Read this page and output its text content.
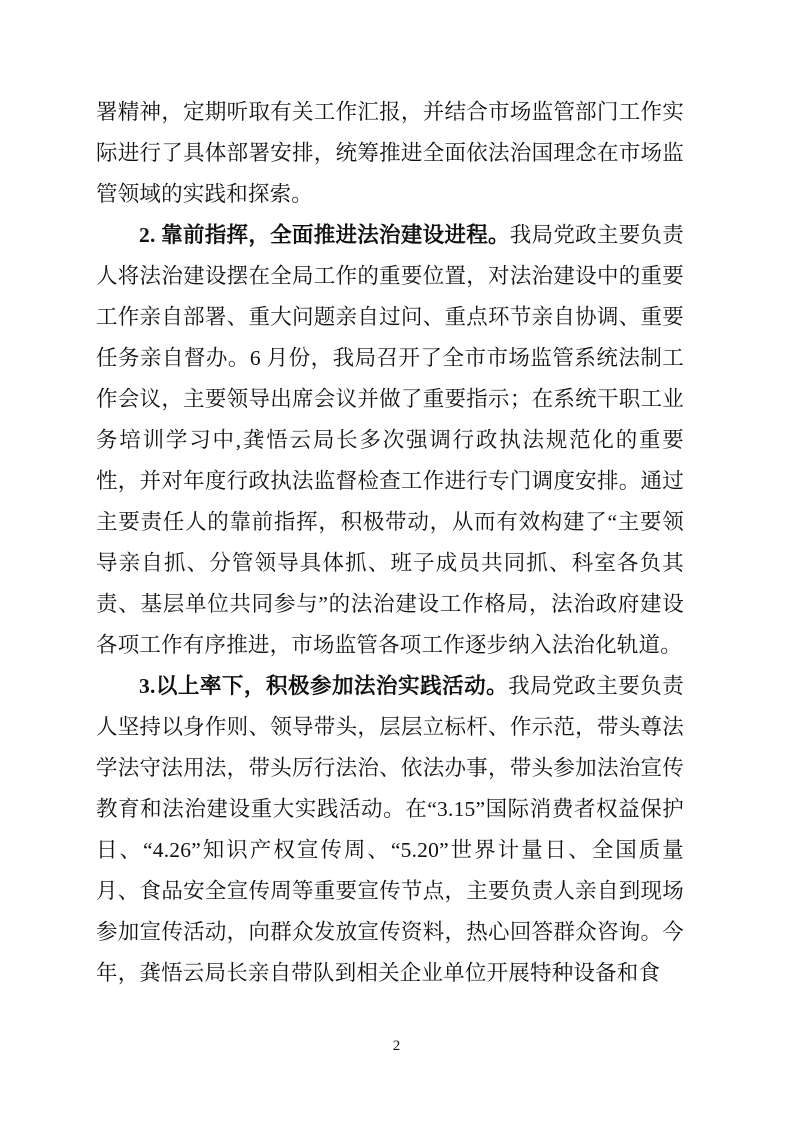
署精神，定期听取有关工作汇报，并结合市场监管部门工作实际进行了具体部署安排，统筹推进全面依法治国理念在市场监管领域的实践和探索。

2. 靠前指挥，全面推进法治建设进程。我局党政主要负责人将法治建设摆在全局工作的重要位置，对法治建设中的重要工作亲自部署、重大问题亲自过问、重点环节亲自协调、重要任务亲自督办。6 月份，我局召开了全市市场监管系统法制工作会议，主要领导出席会议并做了重要指示；在系统干职工业务培训学习中,龚悟云局长多次强调行政执法规范化的重要性，并对年度行政执法监督检查工作进行专门调度安排。通过主要责任人的靠前指挥，积极带动，从而有效构建了“主要领导亲自抓、分管领导具体抓、班子成员共同抓、科室各负其责、基层单位共同参与”的法治建设工作格局，法治政府建设各项工作有序推进，市场监管各项工作逐步纳入法治化轨道。

3.以上率下，积极参加法治实践活动。我局党政主要负责人坚持以身作则、领导带头，层层立标杆、作示范，带头尊法学法守法用法，带头厉行法治、依法办事，带头参加法治宣传教育和法治建设重大实践活动。在“3.15”国际消费者权益保护日、“4.26”知识产权宣传周、“5.20”世界计量日、全国质量月、食品安全宣传周等重要宣传节点，主要负责人亲自到现场参加宣传活动，向群众发放宣传资料，热心回答群众咨询。今年，龚悟云局长亲自带队到相关企业单位开展特种设备和食

2
